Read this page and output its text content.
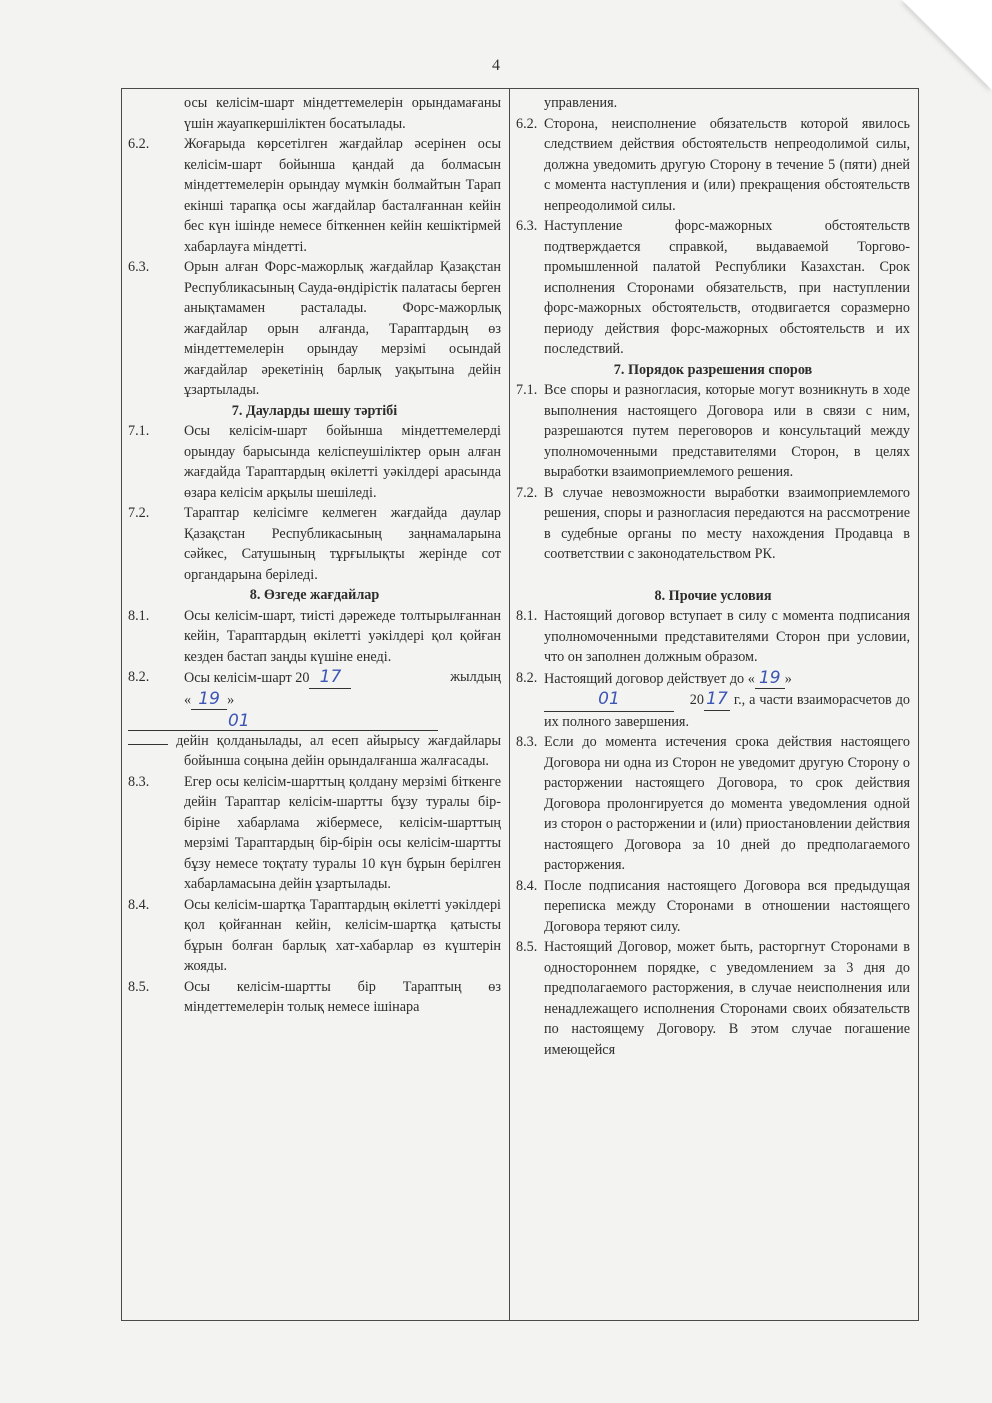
4
осы келісім-шарт міндеттемелерін орындамағаны үшін жауапкершіліктен босатылады.
6.2.	Жоғарыда көрсетілген жағдайлар әсерінен осы келісім-шарт бойынша қандай да болмасын міндеттемелерін орындау мүмкін болмайтын Тарап екінші тарапқа осы жағдайлар басталғаннан кейін бес күн ішінде немесе біткеннен кейін кешіктірмей хабарлауға міндетті.
6.3.	Орын алған Форс-мажорлық жағдайлар Қазақстан Республикасының Сауда-өндірістік палатасы берген анықтамамен расталады. Форс-мажорлық жағдайлар орын алғанда, Тараптардың өз міндеттемелерін орындау мерзімі осындай жағдайлар әрекетінің барлық уақытына дейін ұзартылады.
7. Дауларды шешу тәртібі
7.1.	Осы келісім-шарт бойынша міндеттемелерді орындау барысында келіспеушіліктер орын алған жағдайда Тараптардың өкілетті уәкілдері арасында өзара келісім арқылы шешіледі.
7.2.	Тараптар келісімге келмеген жағдайда даулар Қазақстан Республикасының заңнамаларына сәйкес, Сатушының тұрғылықты жерінде сот органдарына беріледі.
8. Өзгеде жағдайлар
8.1.	Осы келісім-шарт, тиісті дәрежеде толтырылғаннан кейін, Тараптардың өкілетті уәкілдері қол қойған кезден бастап заңды күшіне енеді.
8.2.	Осы келісім-шарт 20 17	жылдың

« 19 »
01
дейін қолданылады, ал есеп айырысу жағдайлары бойынша соңына дейін орындалғанша жалғасады.
8.3.	Егер осы келісім-шарттың қолдану мерзімі біткенге дейін Тараптар келісім-шартты бұзу туралы бір-біріне хабарлама жібермесе, келісім-шарттың мерзімі Тараптардың бір-бірін осы келісім-шартты бұзу немесе тоқтату туралы 10 күн бұрын берілген хабарламасына дейін ұзартылады.
8.4.	Осы келісім-шартқа Тараптардың өкілетті уәкілдері қол қойғаннан кейін, келісім-шартқа қатысты бұрын болған барлық хат-хабарлар өз күштерін жояды.
8.5.	Осы келісім-шартты бір Тараптың өз міндеттемелерін толық немесе ішінара
управления.
6.2. Сторона, неисполнение обязательств которой явилось следствием действия обстоятельств непреодолимой силы, должна уведомить другую Сторону в течение 5 (пяти) дней с момента наступления и (или) прекращения обстоятельств непреодолимой силы.
6.3. Наступление форс-мажорных обстоятельств подтверждается справкой, выдаваемой Торгово-промышленной палатой Республики Казахстан. Срок исполнения Сторонами обязательств, при наступлении форс-мажорных обстоятельств, отодвигается соразмерно периоду действия форс-мажорных обстоятельств и их последствий.
7. Порядок разрешения споров
7.1. Все споры и разногласия, которые могут возникнуть в ходе выполнения настоящего Договора или в связи с ним, разрешаются путем переговоров и консультаций между уполномоченными представителями Сторон, в целях выработки взаимоприемлемого решения.
7.2. В случае невозможности выработки взаимоприемлемого решения, споры и разногласия передаются на рассмотрение в судебные органы по месту нахождения Продавца в соответствии с законодательством РК.
8. Прочие условия
8.1. Настоящий договор вступает в силу с момента подписания уполномоченными представителями Сторон при условии, что он заполнен должным образом.
8.2. Настоящий договор действует до « 19 »
01	20 17 г., а части взаиморасчетов до их полного завершения.
8.3. Если до момента истечения срока действия настоящего Договора ни одна из Сторон не уведомит другую Сторону о расторжении настоящего Договора, то срок действия Договора пролонгируется до момента уведомления одной из сторон о расторжении и (или) приостановлении действия настоящего Договора за 10 дней до предполагаемого расторжения.
8.4. После подписания настоящего Договора вся предыдущая переписка между Сторонами в отношении настоящего Договора теряют силу.
8.5. Настоящий Договор, может быть, расторгнут Сторонами в одностороннем порядке, с уведомлением за 3 дня до предполагаемого расторжения, в случае неисполнения или ненадлежащего исполнения Сторонами своих обязательств по настоящему Договору. В этом случае погашение имеющейся
